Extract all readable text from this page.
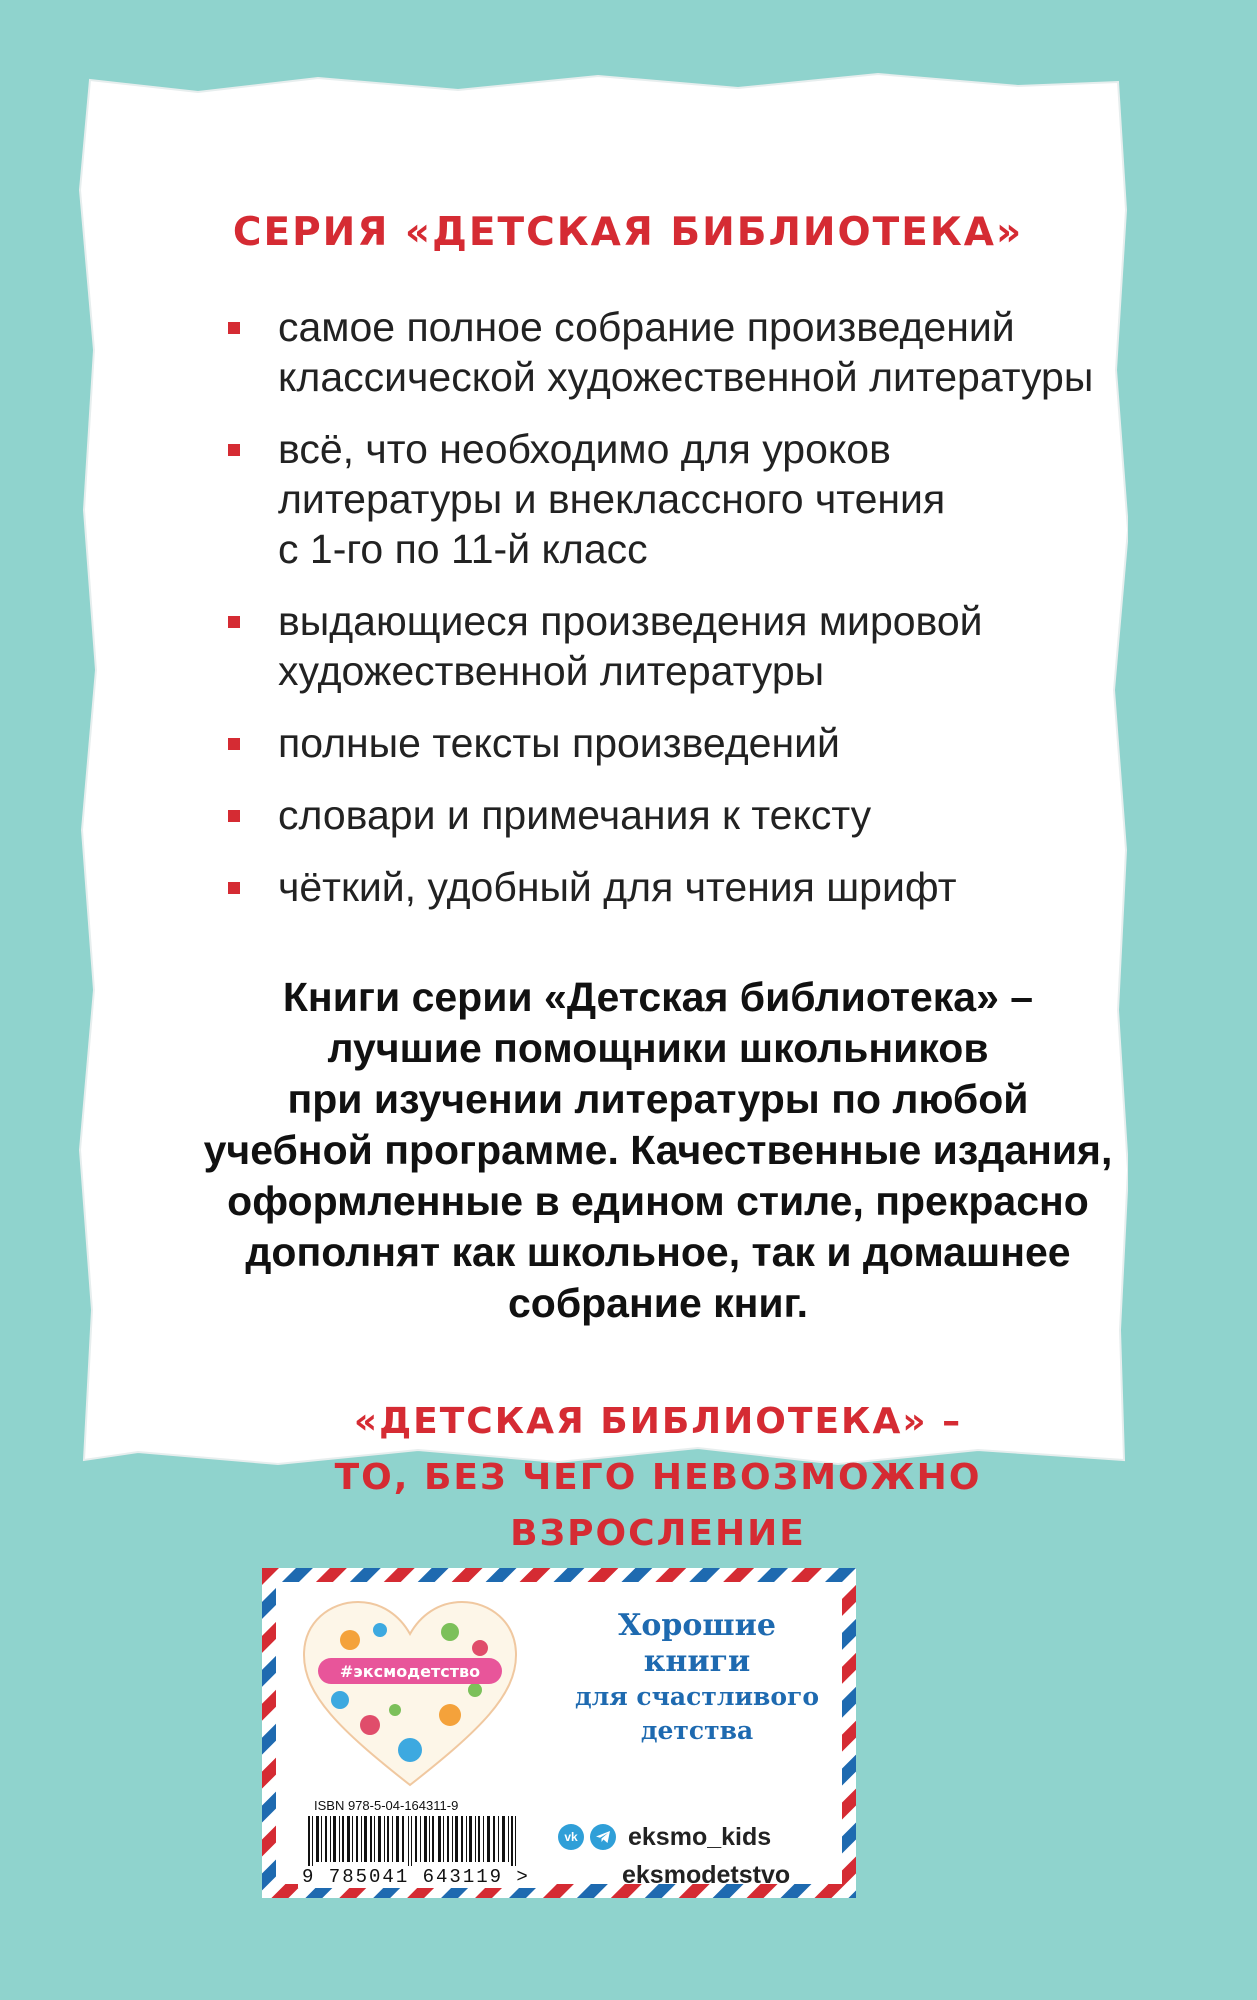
СЕРИЯ «ДЕТСКАЯ БИБЛИОТЕКА»
самое полное собрание произведений
классической художественной литературы
всё, что необходимо для уроков
литературы и внеклассного чтения
с 1-го по 11-й класс
выдающиеся произведения мировой
художественной литературы
полные тексты произведений
словари и примечания к тексту
чёткий, удобный для чтения шрифт
Книги серии «Детская библиотека» –
лучшие помощники школьников
при изучении литературы по любой
учебной программе. Качественные издания,
оформленные в едином стиле, прекрасно
дополнят как школьное, так и домашнее
собрание книг.
«ДЕТСКАЯ БИБЛИОТЕКА» –
ТО, БЕЗ ЧЕГО НЕВОЗМОЖНО ВЗРОСЛЕНИЕ
#эксмодетство
Хорошие
книги
для счастливого
детства
ISBN 978-5-04-164311-9
9 785041 643119 >
vk eksmo_kids
eksmodetstvo
